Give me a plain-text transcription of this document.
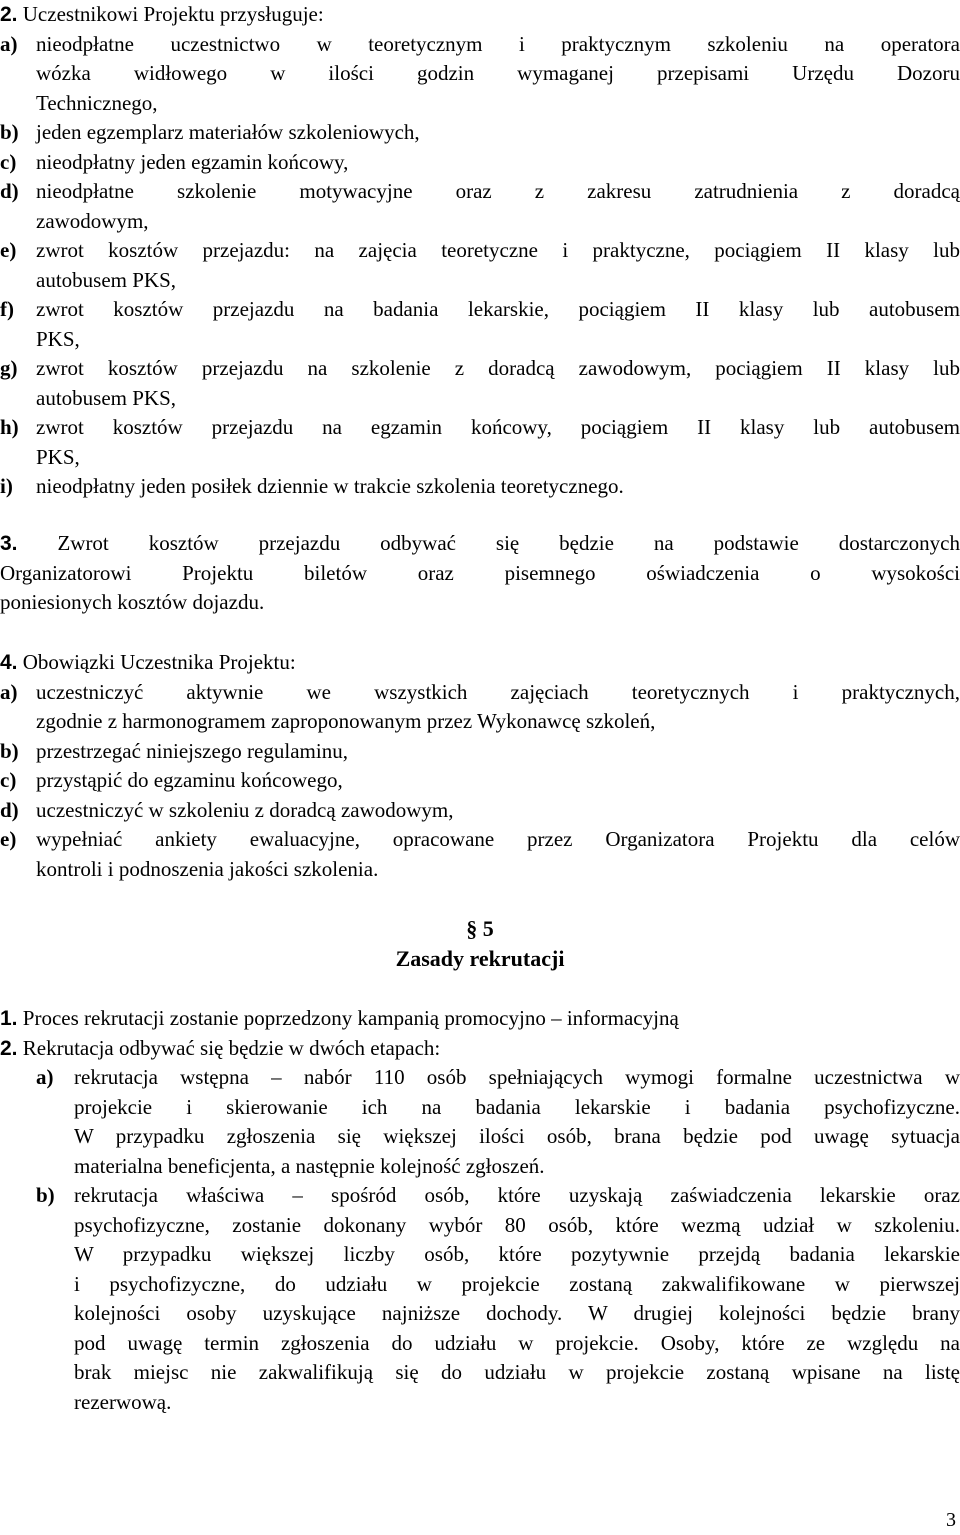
2. Uczestnikowi Projektu przysługuje:
a) nieodpłatne uczestnictwo w teoretycznym i praktycznym szkoleniu na operatora
wózka widłowego w ilości godzin wymaganej przepisami Urzędu Dozoru
Technicznego,
b) jeden egzemplarz materiałów szkoleniowych,
c) nieodpłatny jeden egzamin końcowy,
d) nieodpłatne szkolenie motywacyjne oraz z zakresu zatrudnienia z doradcą
zawodowym,
e) zwrot kosztów przejazdu: na zajęcia teoretyczne i praktyczne, pociągiem II klasy lub
autobusem PKS,
f) zwrot kosztów przejazdu na badania lekarskie, pociągiem II klasy lub autobusem
PKS,
g) zwrot kosztów przejazdu na szkolenie z doradcą zawodowym, pociągiem II klasy lub
autobusem PKS,
h) zwrot kosztów przejazdu na egzamin końcowy, pociągiem II klasy lub autobusem
PKS,
i) nieodpłatny jeden posiłek dziennie w trakcie szkolenia teoretycznego.
3. Zwrot kosztów przejazdu odbywać się będzie na podstawie dostarczonych
Organizatorowi Projektu biletów oraz pisemnego oświadczenia o wysokości
poniesionych kosztów dojazdu.
4. Obowiązki Uczestnika Projektu:
a) uczestniczyć aktywnie we wszystkich zajęciach teoretycznych i praktycznych,
zgodnie z harmonogramem zaproponowanym przez Wykonawcę szkoleń,
b) przestrzegać niniejszego regulaminu,
c) przystąpić do egzaminu końcowego,
d) uczestniczyć w szkoleniu z doradcą zawodowym,
e) wypełniać ankiety ewaluacyjne, opracowane przez Organizatora Projektu dla celów
kontroli i podnoszenia jakości szkolenia.
§ 5
Zasady rekrutacji
1. Proces rekrutacji zostanie poprzedzony kampanią promocyjno – informacyjną
2. Rekrutacja odbywać się będzie w dwóch etapach:
a) rekrutacja wstępna – nabór 110 osób spełniających wymogi formalne uczestnictwa w
projekcie i skierowanie ich na badania lekarskie i badania psychofizyczne.
W przypadku zgłoszenia się większej ilości osób, brana będzie pod uwagę sytuacja
materialna beneficjenta, a następnie kolejność zgłoszeń.
b) rekrutacja właściwa – spośród osób, które uzyskają zaświadczenia lekarskie oraz
psychofizyczne, zostanie dokonany wybór 80 osób, które wezmą udział w szkoleniu.
W przypadku większej liczby osób, które pozytywnie przejdą badania lekarskie
i psychofizyczne, do udziału w projekcie zostaną zakwalifikowane w pierwszej
kolejności osoby uzyskujące najniższe dochody. W drugiej kolejności będzie brany
pod uwagę termin zgłoszenia do udziału w projekcie. Osoby, które ze względu na
brak miejsc nie zakwalifikują się do udziału w projekcie zostaną wpisane na listę
rezerwową.
3
